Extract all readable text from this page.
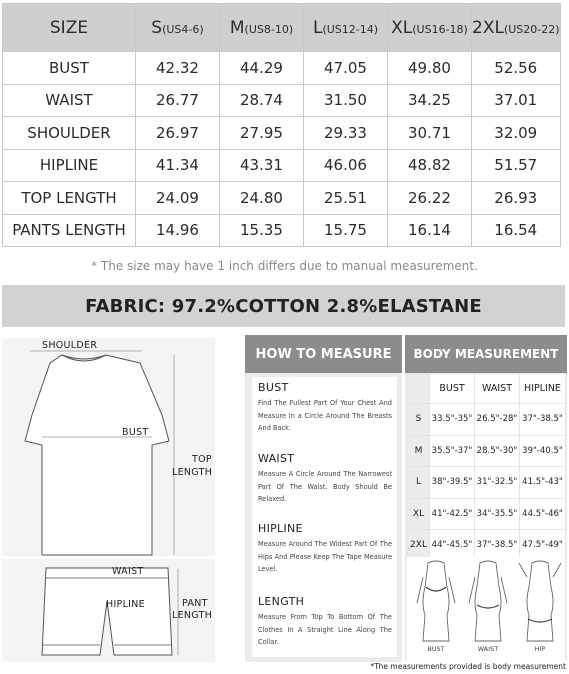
SIZE	S(US4-6)	M(US8-10)	L(US12-14)	XL(US16-18)	2XL(US20-22)
BUST	42.32	44.29	47.05	49.80	52.56
WAIST	26.77	28.74	31.50	34.25	37.01
SHOULDER	26.97	27.95	29.33	30.71	32.09
HIPLINE	41.34	43.31	46.06	48.82	51.57
TOP LENGTH	24.09	24.80	25.51	26.22	26.93
PANTS LENGTH	14.96	15.35	15.75	16.14	16.54
* The size may have 1 inch differs due to manual measurement.
FABRIC: 97.2%COTTON 2.8%ELASTANE
SHOULDER
BUST
TOP
LENGTH
WAIST
HIPLINE	PANT
LENGTH
HOW TO MEASURE
BUST
Find The Fullest Part Of Your Chest And Measure In a Circle Around The Breasts And Back.
WAIST
Measure A Circle Around The Narrowest Part Of The Waist. Body Should Be Relaxed.
HIPLINE
Measure Around The Widest Part Of The Hips And Please Keep The Tape Measure Level.
LENGTH
Measure From Top To Bottom Of The Clothes In A Straight Line Along The Collar.
BODY MEASUREMENT
	BUST	WAIST	HIPLINE
S	33.5"-35"	26.5"-28"	37"-38.5"
M	35.5"-37"	28.5"-30"	39"-40.5"
L	38"-39.5"	31"-32.5"	41.5"-43"
XL	41"-42.5"	34"-35.5"	44.5"-46"
2XL	44"-45.5"	37"-38.5"	47.5"-49"
BUST	WAIST	HIP
*The measurements provided is body measurement
